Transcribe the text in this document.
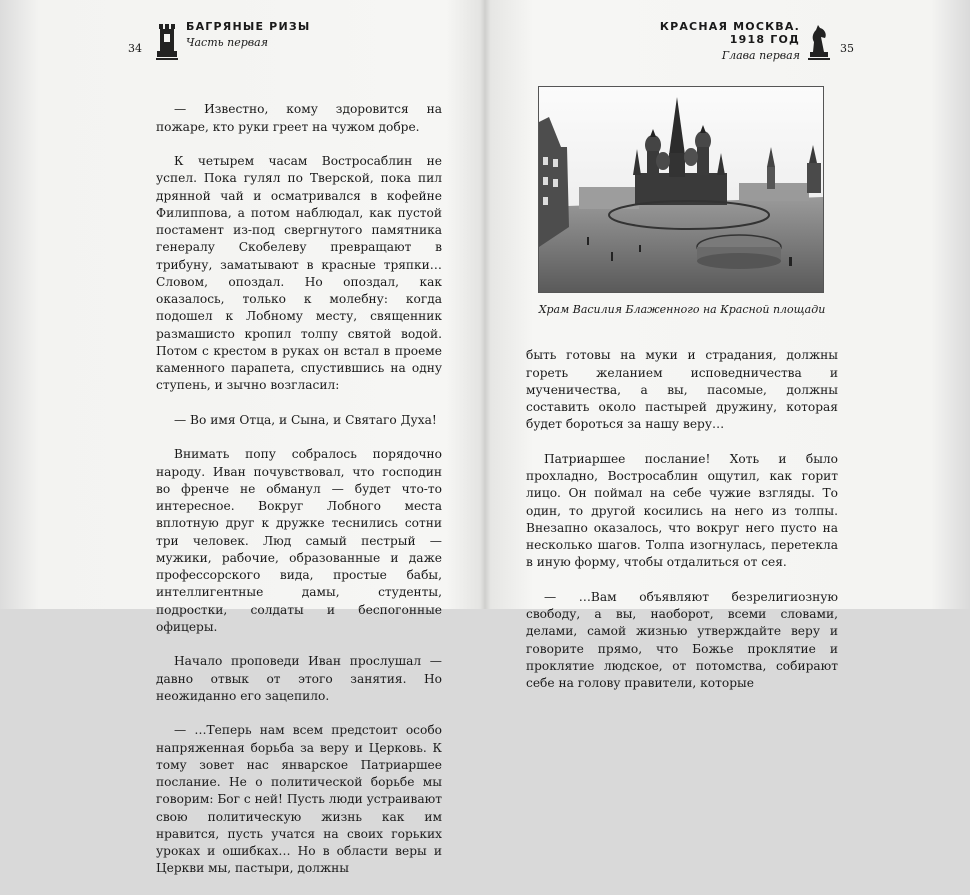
34
БАГРЯНЫЕ РИЗЫ
Часть первая

— Известно, кому здоровится на пожаре, кто руки греет на чужом добре.

К четырем часам Востросаблин не успел. Пока гулял по Тверской, пока пил дрянной чай и осматривался в кофейне Филиппова, а потом наблюдал, как пустой постамент из-под свергнутого памятника генералу Скобелеву превращают в трибуну, заматывают в красные тряпки… Словом, опоздал. Но опоздал, как оказалось, только к молебну: когда подошел к Лобному месту, священник размашисто кропил толпу святой водой. Потом с крестом в руках он встал в проеме каменного парапета, спустившись на одну ступень, и зычно возгласил:

— Во имя Отца, и Сына, и Святаго Духа!

Внимать попу собралось порядочно народу. Иван почувствовал, что господин во френче не обманул — будет что-то интересное. Вокруг Лобного места вплотную друг к дружке теснились сотни три человек. Люд самый пестрый — мужики, рабочие, образованные и даже профессорского вида, простые бабы, интеллигентные дамы, студенты, подростки, солдаты и беспогонные офицеры.

Начало проповеди Иван прослушал — давно отвык от этого занятия. Но неожиданно его зацепило.

— …Теперь нам всем предстоит особо напряженная борьба за веру и Церковь. К тому зовет нас январское Патриаршее послание. Не о политической борьбе мы говорим: Бог с ней! Пусть люди устраивают свою политическую жизнь как им нравится, пусть учатся на своих горьких уроках и ошибках… Но в области веры и Церкви мы, пастыри, должны

КРАСНАЯ МОСКВА. 1918 ГОД
Глава первая
35
Храм Василия Блаженного на Красной площади

быть готовы на муки и страдания, должны гореть желанием исповедничества и мученичества, а вы, пасомые, должны составить около пастырей дружину, которая будет бороться за нашу веру…

Патриаршее послание! Хоть и было прохладно, Востросаблин ощутил, как горит лицо. Он поймал на себе чужие взгляды. То один, то другой косились на него из толпы. Внезапно оказалось, что вокруг него пусто на несколько шагов. Толпа изогнулась, перетекла в иную форму, чтобы отдалиться от сея.

— …Вам объявляют безрелигиозную свободу, а вы, наоборот, всеми словами, делами, самой жизнью утверждайте веру и говорите прямо, что Божье проклятие и проклятие людское, от потомства, собирают себе на голову правители, которые
